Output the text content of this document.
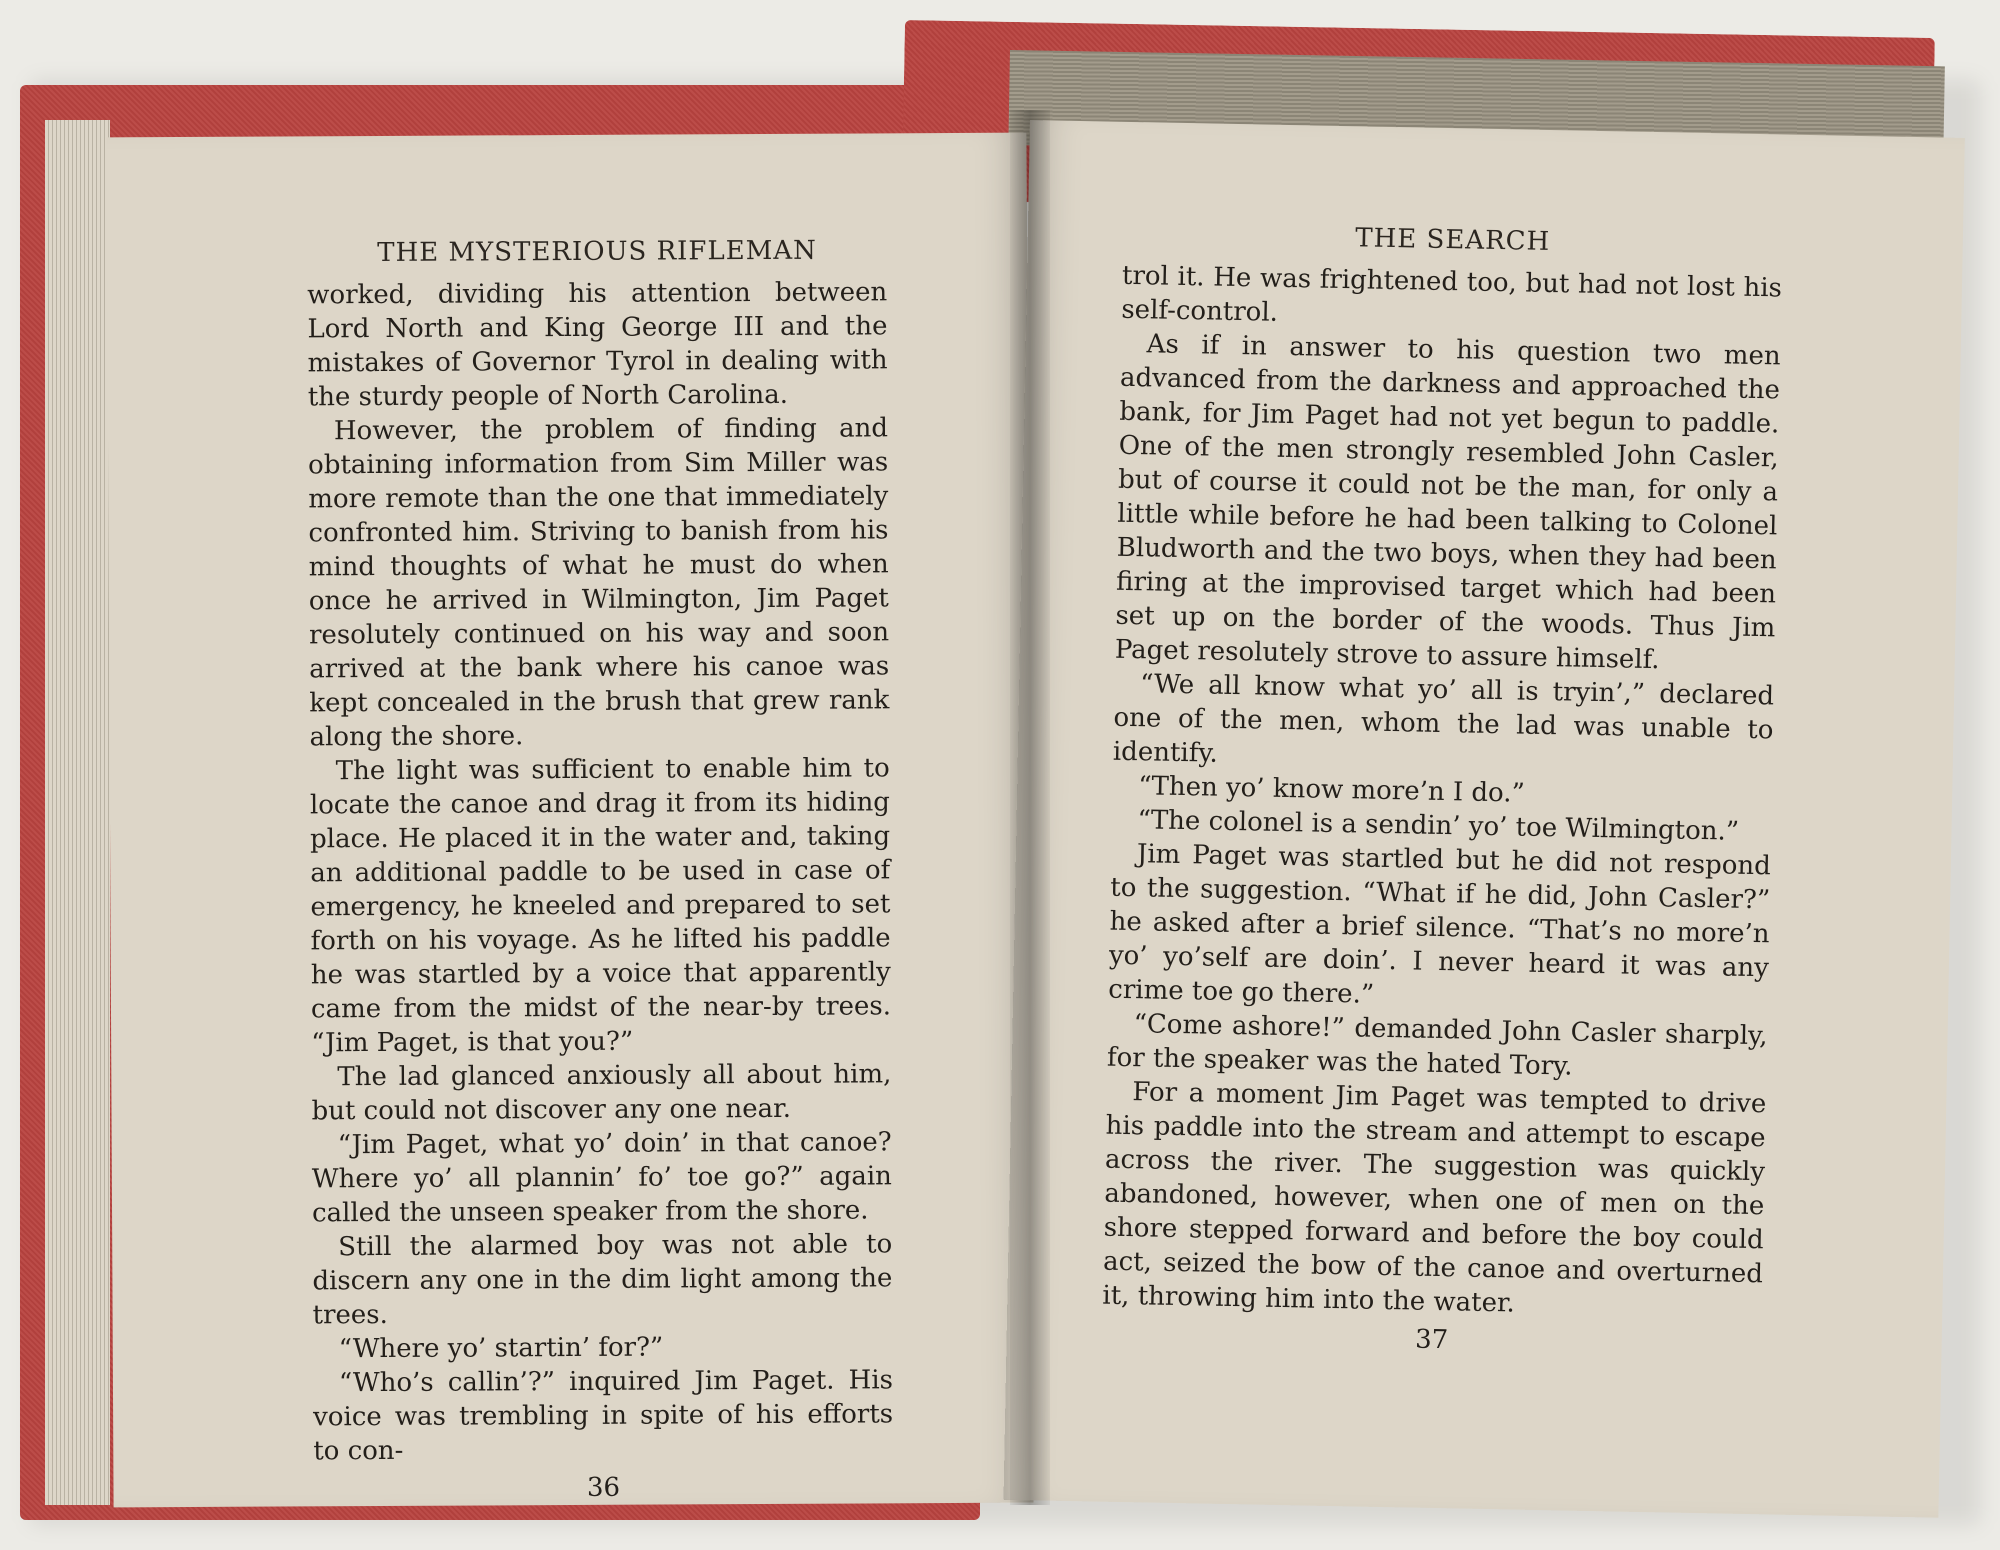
THE MYSTERIOUS RIFLEMAN

worked, dividing his attention between Lord North and King George III and the mistakes of Governor Tyrol in dealing with the sturdy people of North Carolina.

However, the problem of finding and obtaining information from Sim Miller was more remote than the one that immediately confronted him. Striving to banish from his mind thoughts of what he must do when once he arrived in Wilmington, Jim Paget resolutely continued on his way and soon arrived at the bank where his canoe was kept concealed in the brush that grew rank along the shore.

The light was sufficient to enable him to locate the canoe and drag it from its hiding place. He placed it in the water and, taking an additional paddle to be used in case of emergency, he kneeled and prepared to set forth on his voyage. As he lifted his paddle he was startled by a voice that apparently came from the midst of the near-by trees. “Jim Paget, is that you?”

The lad glanced anxiously all about him, but could not discover any one near.

“Jim Paget, what yo’ doin’ in that canoe? Where yo’ all plannin’ fo’ toe go?” again called the unseen speaker from the shore.

Still the alarmed boy was not able to discern any one in the dim light among the trees.

“Where yo’ startin’ for?”

“Who’s callin’?” inquired Jim Paget. His voice was trembling in spite of his efforts to con-

36
THE SEARCH

trol it. He was frightened too, but had not lost his self-control.

As if in answer to his question two men advanced from the darkness and approached the bank, for Jim Paget had not yet begun to paddle. One of the men strongly resembled John Casler, but of course it could not be the man, for only a little while before he had been talking to Colonel Bludworth and the two boys, when they had been firing at the improvised target which had been set up on the border of the woods. Thus Jim Paget resolutely strove to assure himself.

“We all know what yo’ all is tryin’,” declared one of the men, whom the lad was unable to identify.

“Then yo’ know more’n I do.”

“The colonel is a sendin’ yo’ toe Wilmington.”

Jim Paget was startled but he did not respond to the suggestion. “What if he did, John Casler?” he asked after a brief silence. “That’s no more’n yo’ yo’self are doin’. I never heard it was any crime toe go there.”

“Come ashore!” demanded John Casler sharply, for the speaker was the hated Tory.

For a moment Jim Paget was tempted to drive his paddle into the stream and attempt to escape across the river. The suggestion was quickly abandoned, however, when one of men on the shore stepped forward and before the boy could act, seized the bow of the canoe and overturned it, throwing him into the water.

37
